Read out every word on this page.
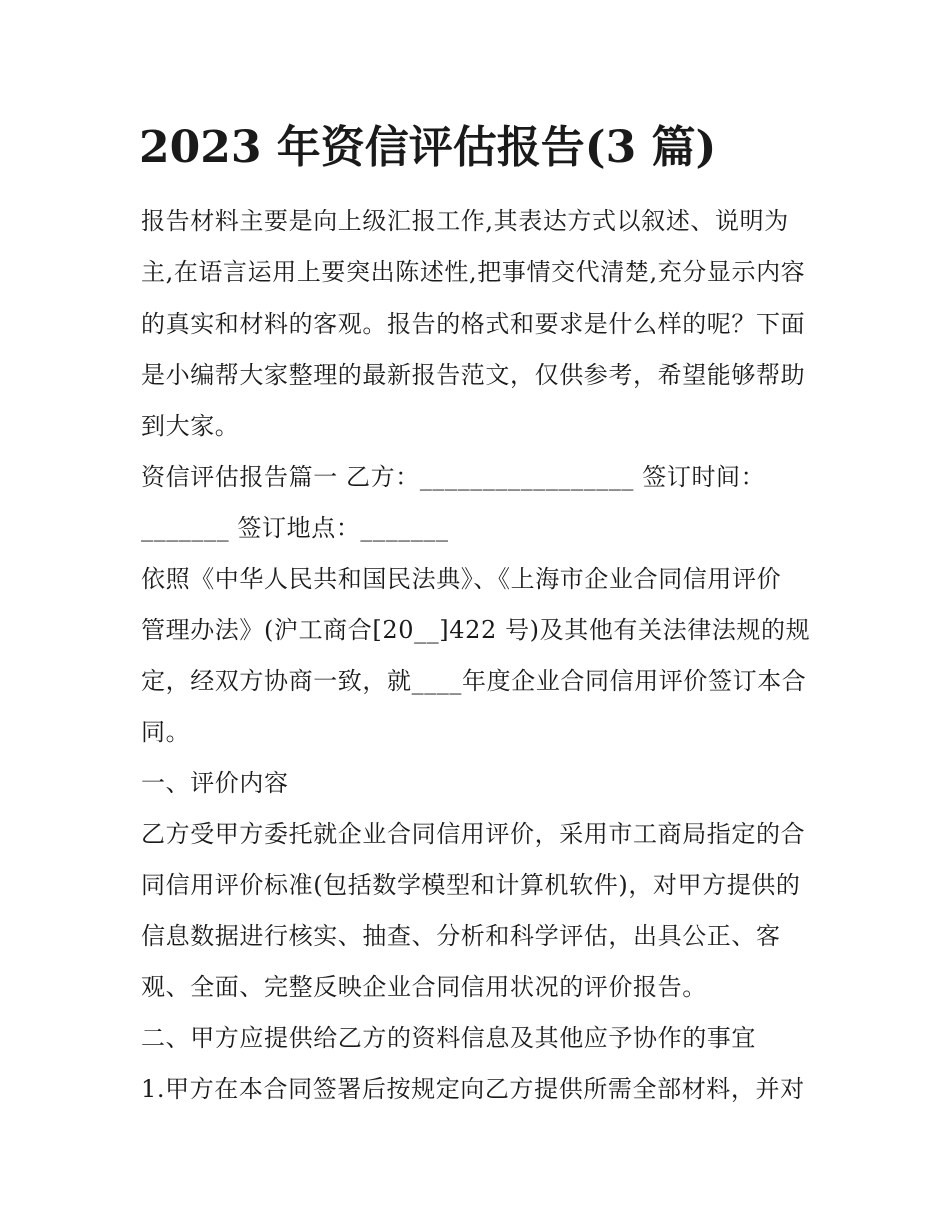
2023 年资信评估报告(3 篇)

报告材料主要是向上级汇报工作,其表达方式以叙述、说明为

主,在语言运用上要突出陈述性,把事情交代清楚,充分显示内容

的真实和材料的客观。报告的格式和要求是什么样的呢？下面

是小编帮大家整理的最新报告范文，仅供参考，希望能够帮助

到大家。

资信评估报告篇一 乙方：_________________ 签订时间：

_______ 签订地点：_______

依照《中华人民共和国民法典》、《上海市企业合同信用评价

管理办法》(沪工商合[20__]422 号)及其他有关法律法规的规

定，经双方协商一致，就____年度企业合同信用评价签订本合

同。

一、评价内容

乙方受甲方委托就企业合同信用评价，采用市工商局指定的合

同信用评价标准(包括数学模型和计算机软件)，对甲方提供的

信息数据进行核实、抽查、分析和科学评估，出具公正、客

观、全面、完整反映企业合同信用状况的评价报告。

二、甲方应提供给乙方的资料信息及其他应予协作的事宜

1.甲方在本合同签署后按规定向乙方提供所需全部材料，并对
